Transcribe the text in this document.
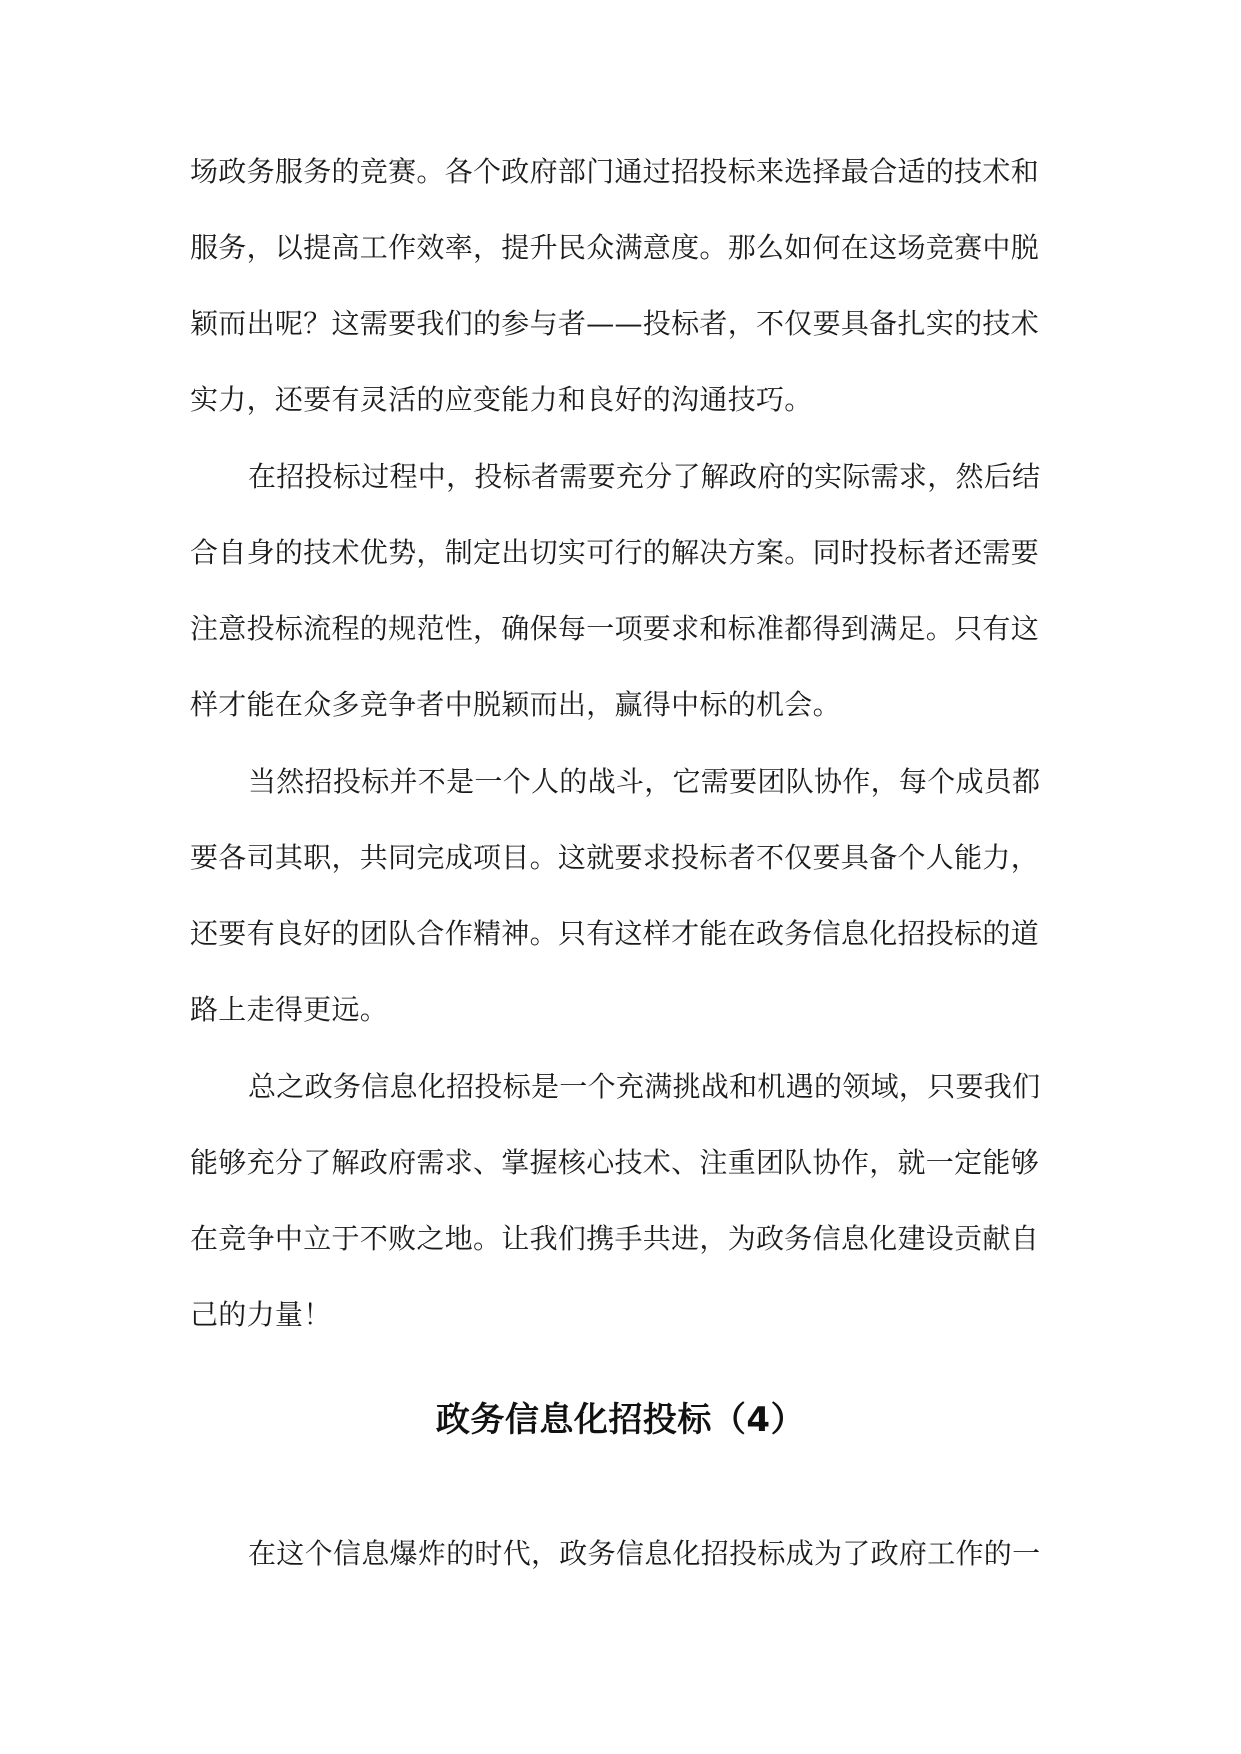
场政务服务的竞赛。各个政府部门通过招投标来选择最合适的技术和
服务，以提高工作效率，提升民众满意度。那么如何在这场竞赛中脱
颖而出呢？这需要我们的参与者——投标者，不仅要具备扎实的技术
实力，还要有灵活的应变能力和良好的沟通技巧。
在招投标过程中，投标者需要充分了解政府的实际需求，然后结
合自身的技术优势，制定出切实可行的解决方案。同时投标者还需要
注意投标流程的规范性，确保每一项要求和标准都得到满足。只有这
样才能在众多竞争者中脱颖而出，赢得中标的机会。
当然招投标并不是一个人的战斗，它需要团队协作，每个成员都
要各司其职，共同完成项目。这就要求投标者不仅要具备个人能力，
还要有良好的团队合作精神。只有这样才能在政务信息化招投标的道
路上走得更远。
总之政务信息化招投标是一个充满挑战和机遇的领域，只要我们
能够充分了解政府需求、掌握核心技术、注重团队协作，就一定能够
在竞争中立于不败之地。让我们携手共进，为政务信息化建设贡献自
己的力量！
政务信息化招投标（4）
在这个信息爆炸的时代，政务信息化招投标成为了政府工作的一
